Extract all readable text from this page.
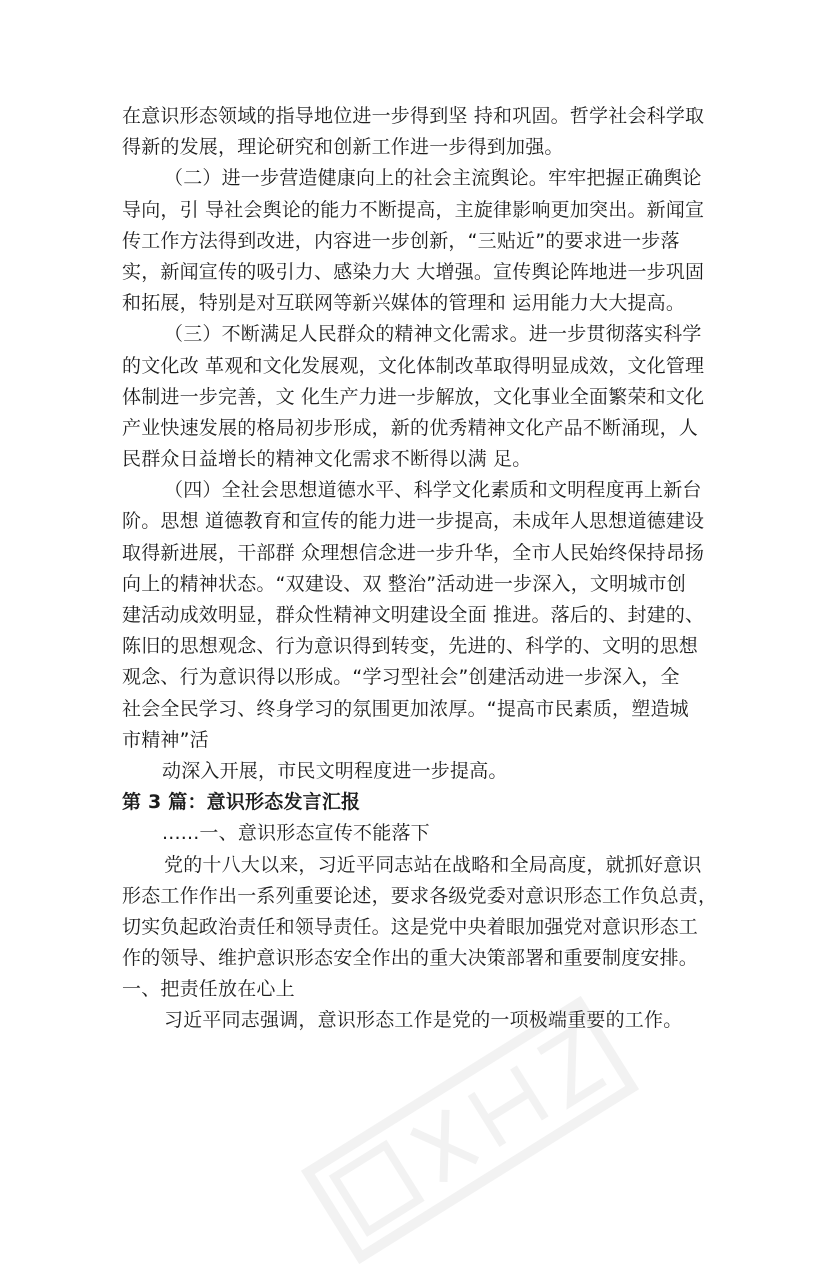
在意识形态领域的指导地位进一步得到坚 持和巩固。哲学社会科学取
得新的发展，理论研究和创新工作进一步得到加强。
（二）进一步营造健康向上的社会主流舆论。牢牢把握正确舆论
导向，引 导社会舆论的能力不断提高，主旋律影响更加突出。新闻宣
传工作方法得到改进，内容进一步创新，“三贴近”的要求进一步落
实，新闻宣传的吸引力、感染力大 大增强。宣传舆论阵地进一步巩固
和拓展，特别是对互联网等新兴媒体的管理和 运用能力大大提高。
（三）不断满足人民群众的精神文化需求。进一步贯彻落实科学
的文化改 革观和文化发展观，文化体制改革取得明显成效，文化管理
体制进一步完善，文 化生产力进一步解放，文化事业全面繁荣和文化
产业快速发展的格局初步形成，新的优秀精神文化产品不断涌现，人
民群众日益增长的精神文化需求不断得以满 足。
（四）全社会思想道德水平、科学文化素质和文明程度再上新台
阶。思想 道德教育和宣传的能力进一步提高，未成年人思想道德建设
取得新进展，干部群 众理想信念进一步升华，全市人民始终保持昂扬
向上的精神状态。“双建设、双 整治”活动进一步深入，文明城市创
建活动成效明显，群众性精神文明建设全面 推进。落后的、封建的、
陈旧的思想观念、行为意识得到转变，先进的、科学的、文明的思想
观念、行为意识得以形成。“学习型社会”创建活动进一步深入，全
社会全民学习、终身学习的氛围更加浓厚。“提高市民素质，塑造城
市精神”活
动深入开展，市民文明程度进一步提高。
第 3 篇：意识形态发言汇报
......一、意识形态宣传不能落下
党的十八大以来，习近平同志站在战略和全局高度，就抓好意识
形态工作作出一系列重要论述，要求各级党委对意识形态工作负总责，
切实负起政治责任和领导责任。这是党中央着眼加强党对意识形态工
作的领导、维护意识形态安全作出的重大决策部署和重要制度安排。
一、把责任放在心上
习近平同志强调，意识形态工作是党的一项极端重要的工作。
